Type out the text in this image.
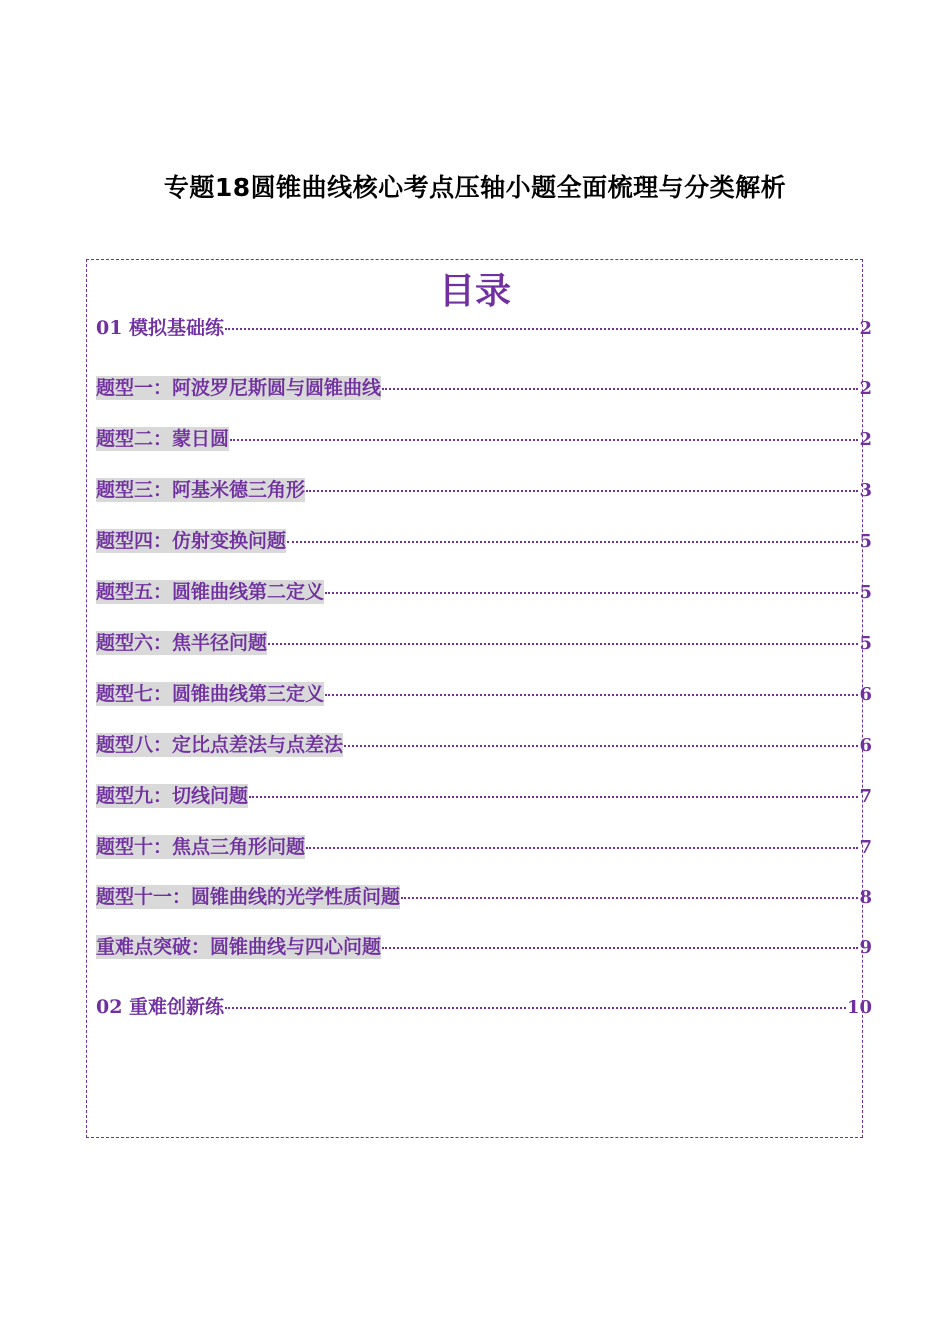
专题18圆锥曲线核心考点压轴小题全面梳理与分类解析
目录
01 模拟基础练	2
题型一：阿波罗尼斯圆与圆锥曲线	2
题型二：蒙日圆	2
题型三：阿基米德三角形	3
题型四：仿射变换问题	5
题型五：圆锥曲线第二定义	5
题型六：焦半径问题	5
题型七：圆锥曲线第三定义	6
题型八：定比点差法与点差法	6
题型九：切线问题	7
题型十：焦点三角形问题	7
题型十一：圆锥曲线的光学性质问题	8
重难点突破：圆锥曲线与四心问题	9
02 重难创新练	10
